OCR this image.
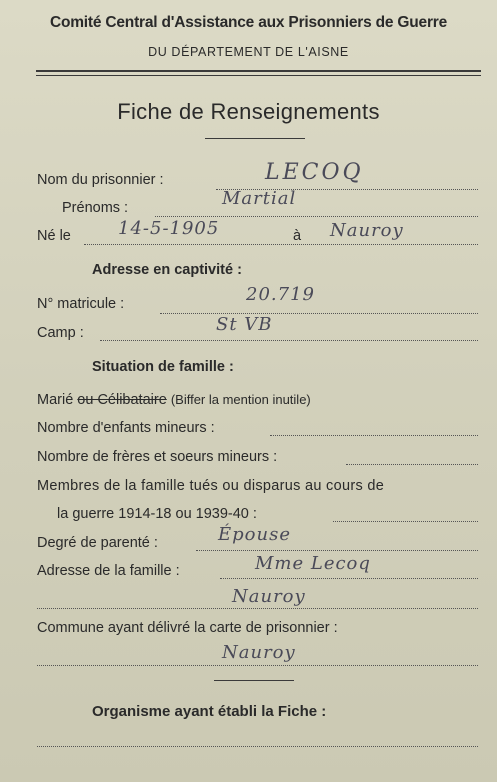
Comité Central d'Assistance aux Prisonniers de Guerre
DU DÉPARTEMENT DE L'AISNE
Fiche de Renseignements
Nom du prisonnier :	LECOQ
Prénoms :	Martial
Né le	14-5-1905	à Nauroy
Adresse en captivité :
N° matricule :	20.719
Camp :	St VB
Situation de famille :
Marié ou Célibataire (Biffer la mention inutile)
Nombre d'enfants mineurs :
Nombre de frères et soeurs mineurs :
Membres de la famille tués ou disparus au cours de
la guerre 1914-18 ou 1939-40 :
Degré de parenté :	Épouse
Adresse de la famille :	Mme Lecoq
Nauroy
Commune ayant délivré la carte de prisonnier :
Nauroy
Organisme ayant établi la Fiche :
